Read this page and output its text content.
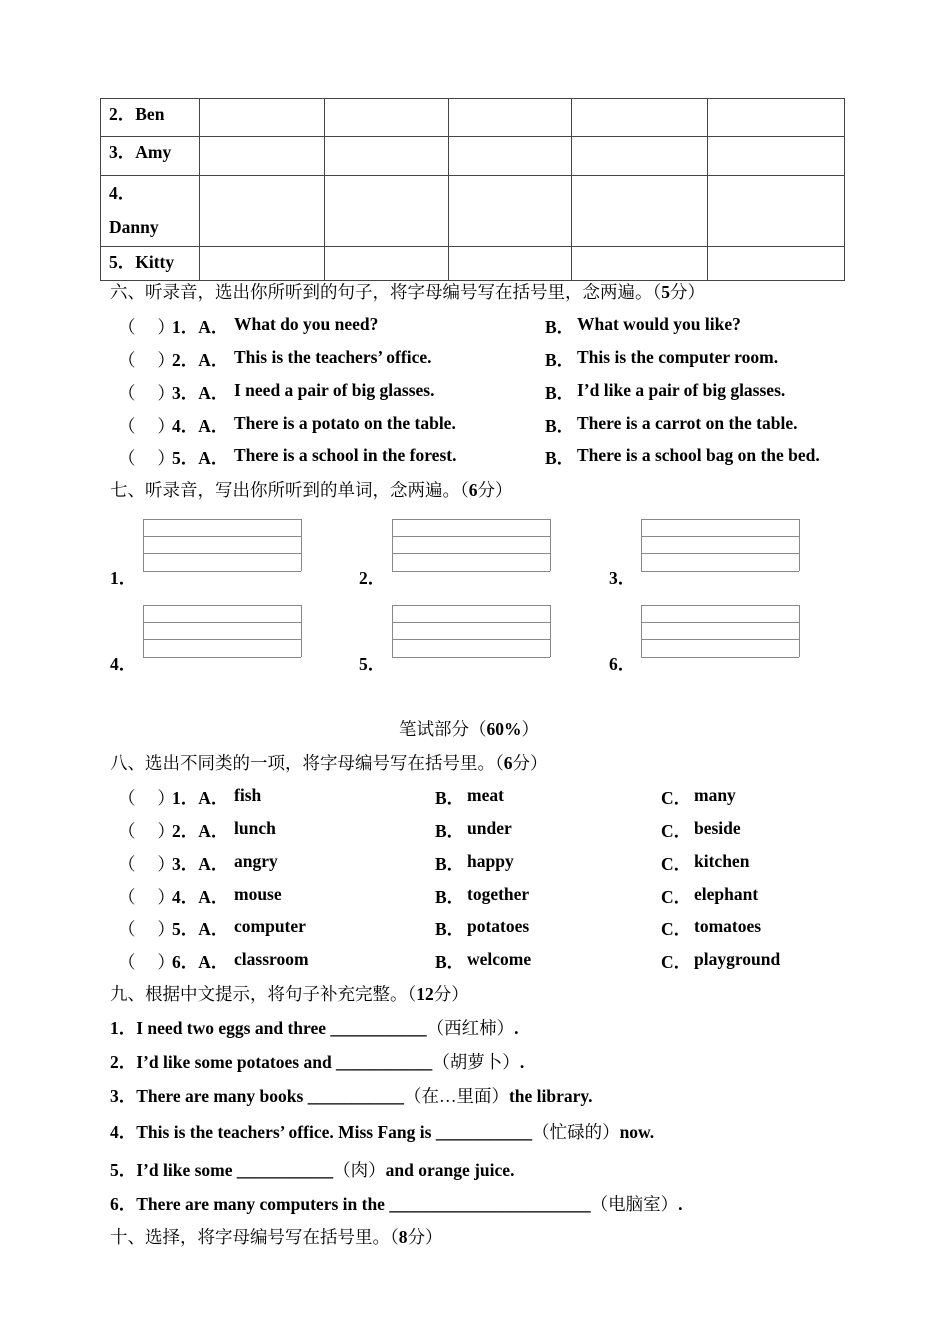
2．Ben					
3．Amy					

4．
Danny					

5．Kitty					
六、听录音，选出你所听到的句子，将字母编号写在括号里，念两遍。（5分）
（　 ）
1．A． What do you need?	B． What would you like?
（　 ）
2．A． This is the teachers’ office.	B． This is the computer room.
（　 ）
3．A． I need a pair of big glasses.	B． I’d like a pair of big glasses.
（　 ）
4．A． There is a potato on the table.	B． There is a carrot on the table.
（　 ）
5．A． There is a school in the forest.	B． There is a school bag on the bed.
七、听录音，写出你所听到的单词，念两遍。（6分）
1．	2．	3．
4．	5．	6．
笔试部分（60%）
八、选出不同类的一项，将字母编号写在括号里。（6分）
（　 ）
1．A． fish	B． meat	C． many
（　 ）
2．A． lunch	B． under	C． beside
（　 ）
3．A． angry	B． happy	C． kitchen
（　 ）
4．A． mouse	B． together	C． elephant
（　 ）
5．A． computer	B． potatoes	C． tomatoes
（　 ）
6．A． classroom	B． welcome	C． playground
九、根据中文提示，将句子补充完整。（12分）
1．I need two eggs and three ___________（西红柿）.
2．I’d like some potatoes and ___________（胡萝卜）.
3．There are many books ___________（在…里面）the library.
4．This is the teachers’ office. Miss Fang is ___________（忙碌的）now.
5．I’d like some ___________（肉）and orange juice.
6．There are many computers in the _______________________（电脑室）.
十、选择，将字母编号写在括号里。（8分）
